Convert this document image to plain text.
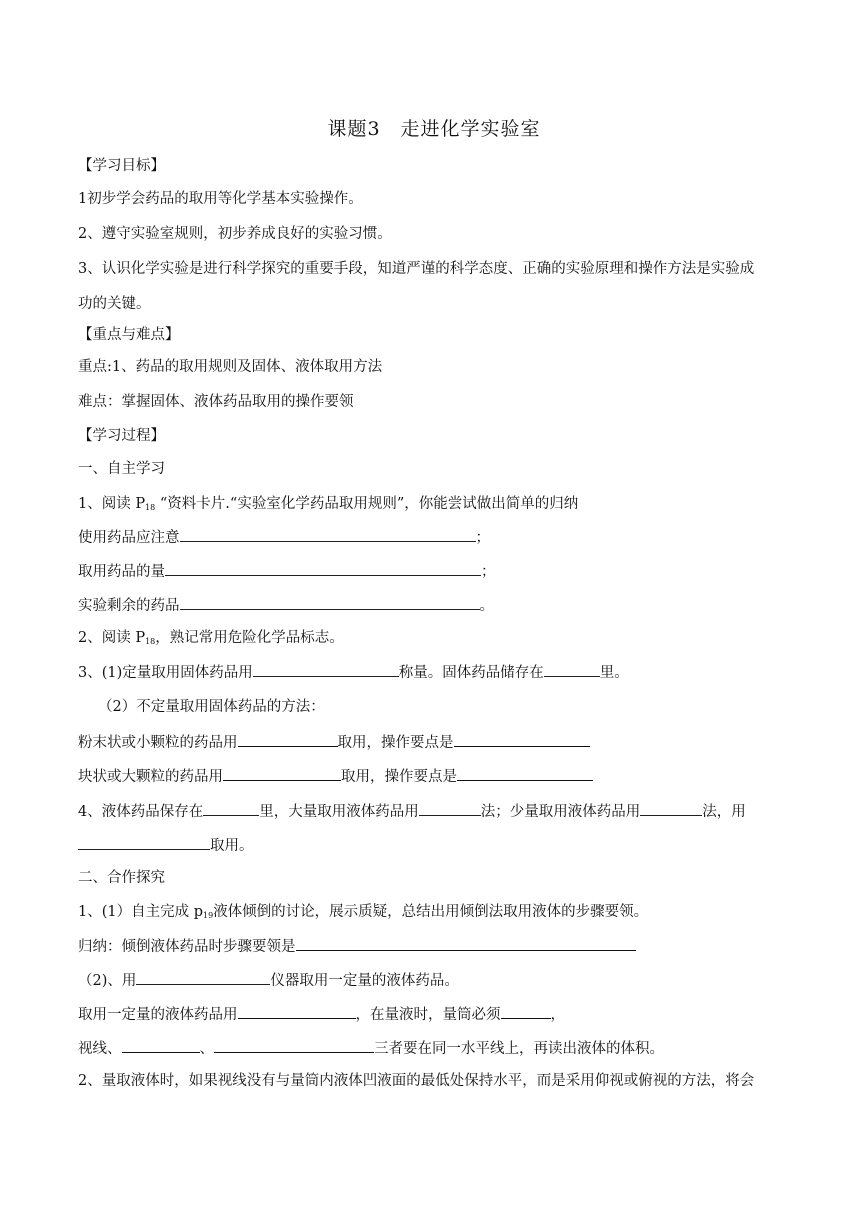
课题3　走进化学实验室
【学习目标】
1初步学会药品的取用等化学基本实验操作。
2、遵守实验室规则，初步养成良好的实验习惯。
3、认识化学实验是进行科学探究的重要手段，知道严谨的科学态度、正确的实验原理和操作方法是实验成
功的关键。
【重点与难点】
重点:1、药品的取用规则及固体、液体取用方法
难点：掌握固体、液体药品取用的操作要领
【学习过程】
一、自主学习
1、阅读 $P_{18}$ “资料卡片.“实验室化学药品取用规则”，你能尝试做出简单的归纳
使用药品应注意	；
取用药品的量	；
实验剩余的药品	。
2、阅读 $P_{18}$，熟记常用危险化学品标志。
3、(1)定量取用固体药品用	称量。固体药品储存在	里。
（2）不定量取用固体药品的方法：
粉末状或小颗粒的药品用	取用，操作要点是
块状或大颗粒的药品用	取用，操作要点是
4、液体药品保存在	里，大量取用液体药品用	法；少量取用液体药品用	法，用
取用。
二、合作探究
1、(1）自主完成 $p_{19}$液体倾倒的讨论，展示质疑，总结出用倾倒法取用液体的步骤要领。
归纳：倾倒液体药品时步骤要领是
（2)、用	仪器取用一定量的液体药品。
取用一定量的液体药品用	，在量液时，量筒必须	，
视线、	、	三者要在同一水平线上，再读出液体的体积。
2、量取液体时，如果视线没有与量筒内液体凹液面的最低处保持水平，而是采用仰视或俯视的方法，将会
